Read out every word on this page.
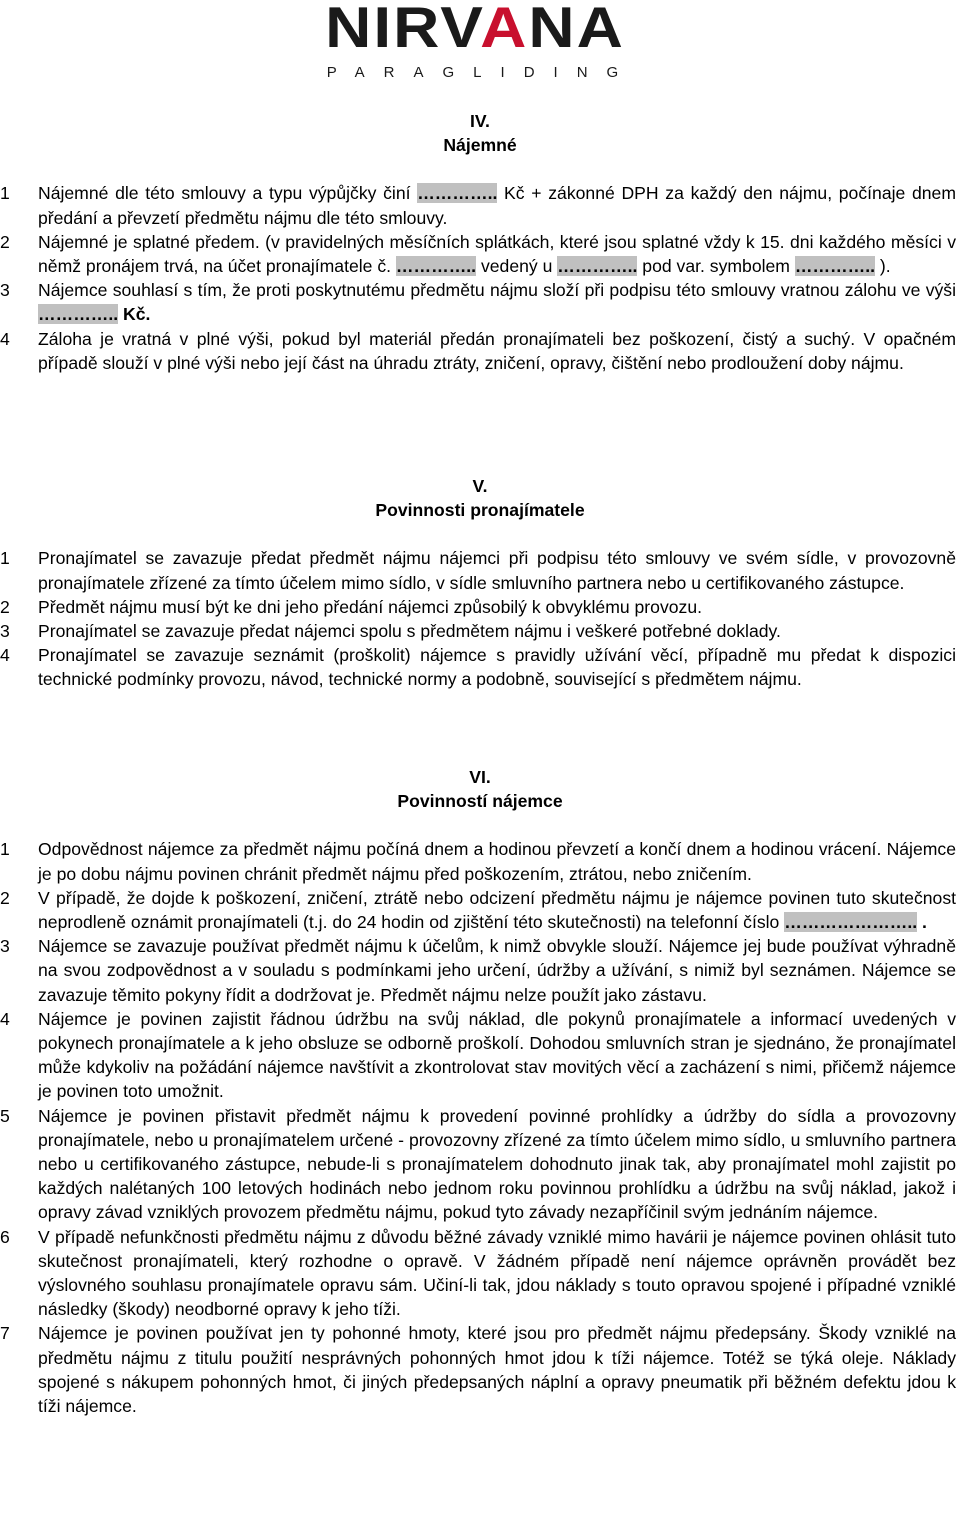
NIRVANA
PARAGLIDING
IV.
Nájemné
1	Nájemné dle této smlouvy a typu výpůjčky činí ………….. Kč + zákonné DPH za každý den nájmu, počínaje dnem předání a převzetí předmětu nájmu dle této smlouvy.
2	Nájemné je splatné předem. (v pravidelných měsíčních splátkách, které jsou splatné vždy k 15. dni každého měsíci v němž pronájem trvá, na účet pronajímatele č. ………….. vedený u ………….. pod var. symbolem ………….. ).
3	Nájemce souhlasí s tím, že proti poskytnutému předmětu nájmu složí při podpisu této smlouvy vratnou zálohu ve výši ………….. Kč.
4	Záloha je vratná v plné výši, pokud byl materiál předán pronajímateli bez poškození, čistý a suchý. V opačném případě slouží v plné výši nebo její část na úhradu ztráty, zničení, opravy, čištění nebo prodloužení doby nájmu.
V.
Povinnosti pronajímatele
1	Pronajímatel se zavazuje předat předmět nájmu nájemci při podpisu této smlouvy ve svém sídle, v provozovně pronajímatele zřízené za tímto účelem mimo sídlo, v sídle smluvního partnera nebo u certifikovaného zástupce.
2	Předmět nájmu musí být ke dni jeho předání nájemci způsobilý k obvyklému provozu.
3	Pronajímatel se zavazuje předat nájemci spolu s předmětem nájmu i veškeré potřebné doklady.
4	Pronajímatel se zavazuje seznámit (proškolit) nájemce s pravidly užívání věcí, případně mu předat k dispozici technické podmínky provozu, návod, technické normy a podobně, související s předmětem nájmu.
VI.
Povinností nájemce
1	Odpovědnost nájemce za předmět nájmu počíná dnem a hodinou převzetí a končí dnem a hodinou vrácení. Nájemce je po dobu nájmu povinen chránit předmět nájmu před poškozením, ztrátou, nebo zničením.
2	V případě, že dojde k poškození, zničení, ztrátě nebo odcizení předmětu nájmu je nájemce povinen tuto skutečnost neprodleně oznámit pronajímateli (t.j. do 24 hodin od zjištění této skutečnosti) na telefonní číslo ………………….. .
3	Nájemce se zavazuje používat předmět nájmu k účelům, k nimž obvykle slouží. Nájemce jej bude používat výhradně na svou zodpovědnost a v souladu s podmínkami jeho určení, údržby a užívání, s nimiž byl seznámen. Nájemce se zavazuje těmito pokyny řídit a dodržovat je. Předmět nájmu nelze použít jako zástavu.
4	Nájemce je povinen zajistit řádnou údržbu na svůj náklad, dle pokynů pronajímatele a informací uvedených v pokynech pronajímatele a k jeho obsluze se odborně proškolí. Dohodou smluvních stran je sjednáno, že pronajímatel může kdykoliv na požádání nájemce navštívit a zkontrolovat stav movitých věcí a zacházení s nimi, přičemž nájemce je povinen toto umožnit.
5	Nájemce je povinen přistavit předmět nájmu k provedení povinné prohlídky a údržby do sídla a provozovny pronajímatele, nebo u pronajímatelem určené - provozovny zřízené za tímto účelem mimo sídlo, u smluvního partnera nebo u certifikovaného zástupce, nebude-li s pronajímatelem dohodnuto jinak tak, aby pronajímatel mohl zajistit po každých nalétaných 100 letových hodinách nebo jednom roku povinnou prohlídku a údržbu na svůj náklad, jakož i opravy závad vzniklých provozem předmětu nájmu, pokud tyto závady nezapříčinil svým jednáním nájemce.
6	V případě nefunkčnosti předmětu nájmu z důvodu běžné závady vzniklé mimo havárii je nájemce povinen ohlásit tuto skutečnost pronajímateli, který rozhodne o opravě. V žádném případě není nájemce oprávněn provádět bez výslovného souhlasu pronajímatele opravu sám. Učiní-li tak, jdou náklady s touto opravou spojené i případné vzniklé následky (škody) neodborné opravy k jeho tíži.
7	Nájemce je povinen používat jen ty pohonné hmoty, které jsou pro předmět nájmu předepsány. Škody vzniklé na předmětu nájmu z titulu použití nesprávných pohonných hmot jdou k tíži nájemce. Totéž se týká oleje. Náklady spojené s nákupem pohonných hmot, či jiných předepsaných náplní a opravy pneumatik při běžném defektu jdou k tíži nájemce.
